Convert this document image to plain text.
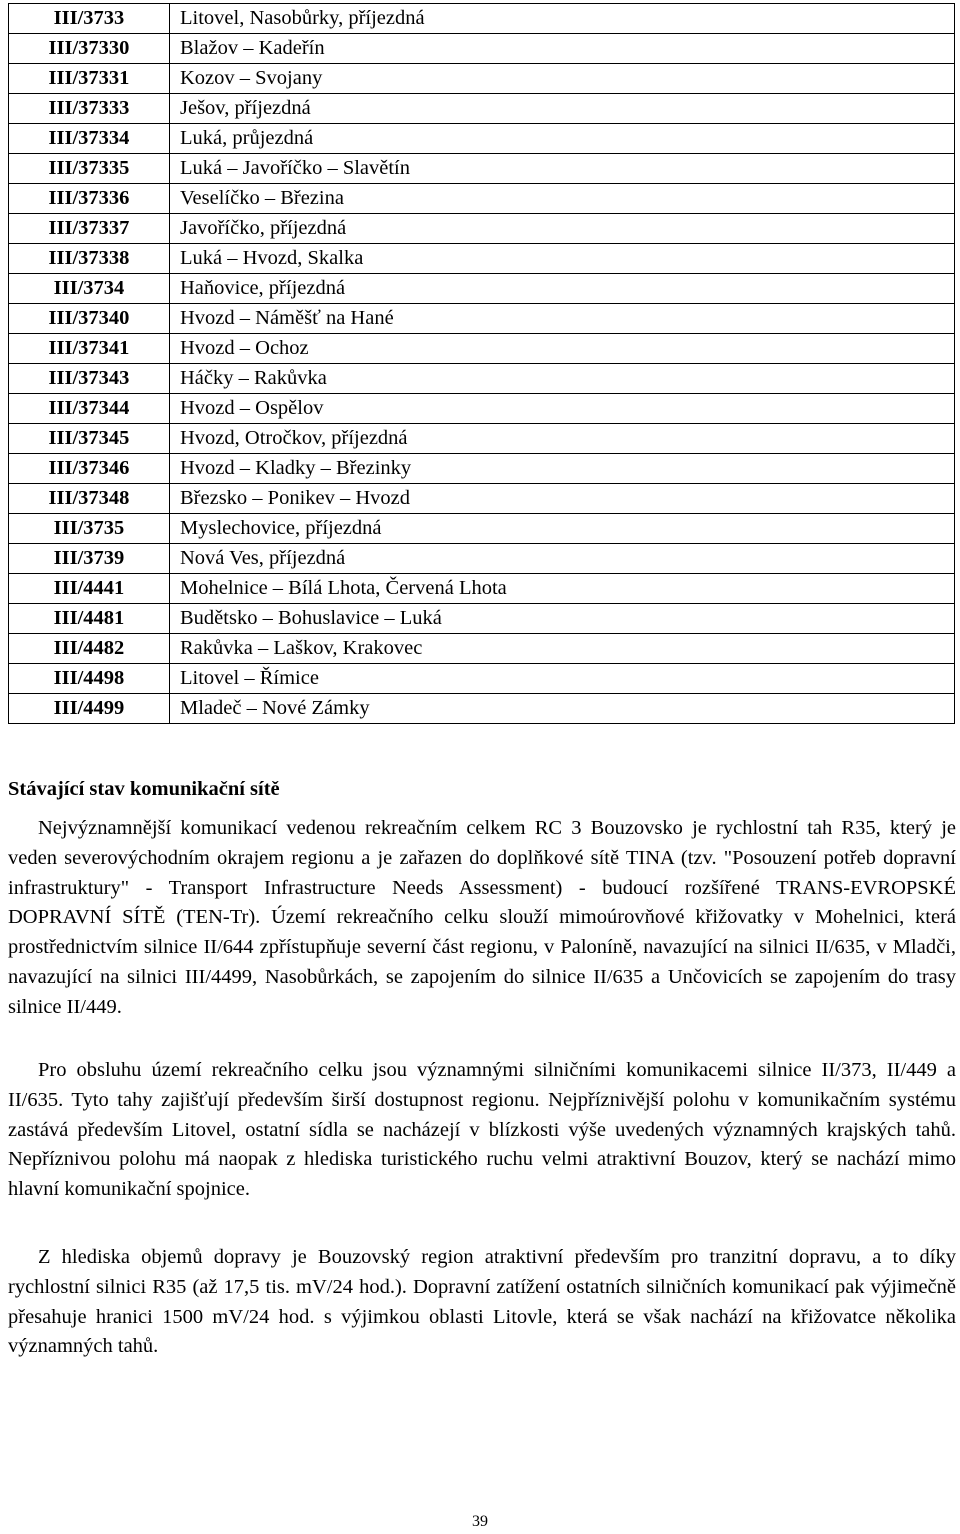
III/3733	Litovel, Nasobůrky, příjezdná
III/37330	Blažov – Kadeřín
III/37331	Kozov – Svojany
III/37333	Ješov, příjezdná
III/37334	Luká, průjezdná
III/37335	Luká – Javoříčko – Slavětín
III/37336	Veselíčko – Březina
III/37337	Javoříčko, příjezdná
III/37338	Luká – Hvozd, Skalka
III/3734	Haňovice, příjezdná
III/37340	Hvozd – Náměšť na Hané
III/37341	Hvozd – Ochoz
III/37343	Háčky – Rakůvka
III/37344	Hvozd – Ospělov
III/37345	Hvozd, Otročkov, příjezdná
III/37346	Hvozd – Kladky – Březinky
III/37348	Březsko – Ponikev – Hvozd
III/3735	Myslechovice, příjezdná
III/3739	Nová Ves, příjezdná
III/4441	Mohelnice – Bílá Lhota, Červená Lhota
III/4481	Budětsko – Bohuslavice – Luká
III/4482	Rakůvka – Laškov, Krakovec
III/4498	Litovel – Římice
III/4499	Mladeč – Nové Zámky
Stávající stav komunikační sítě

Nejvýznamnější komunikací vedenou rekreačním celkem RC 3 Bouzovsko je rychlostní tah R35, který je veden severovýchodním okrajem regionu a je zařazen do doplňkové sítě TINA (tzv. "Posouzení potřeb dopravní infrastruktury" - Transport Infrastructure Needs Assessment) - budoucí rozšířené TRANS-EVROPSKÉ DOPRAVNÍ SÍTĚ (TEN-Tr). Území rekreačního celku slouží mimoúrovňové křižovatky v Mohelnici, která prostřednictvím silnice II/644 zpřístupňuje severní část regionu, v Paloníně, navazující na silnici II/635, v Mladči, navazující na silnici III/4499, Nasobůrkách, se zapojením do silnice II/635 a Unčovicích se zapojením do trasy silnice II/449.

Pro obsluhu území rekreačního celku jsou významnými silničními komunikacemi silnice II/373, II/449 a II/635. Tyto tahy zajišťují především širší dostupnost regionu. Nejpříznivější polohu v komunikačním systému zastává především Litovel, ostatní sídla se nacházejí v blízkosti výše uvedených významných krajských tahů. Nepříznivou polohu má naopak z hlediska turistického ruchu velmi atraktivní Bouzov, který se nachází mimo hlavní komunikační spojnice.

Z hlediska objemů dopravy je Bouzovský region atraktivní především pro tranzitní dopravu, a to díky rychlostní silnici R35 (až 17,5 tis. mV/24 hod.). Dopravní zatížení ostatních silničních komunikací pak výjimečně přesahuje hranici 1500 mV/24 hod. s výjimkou oblasti Litovle, která se však nachází na křižovatce několika významných tahů.

39
